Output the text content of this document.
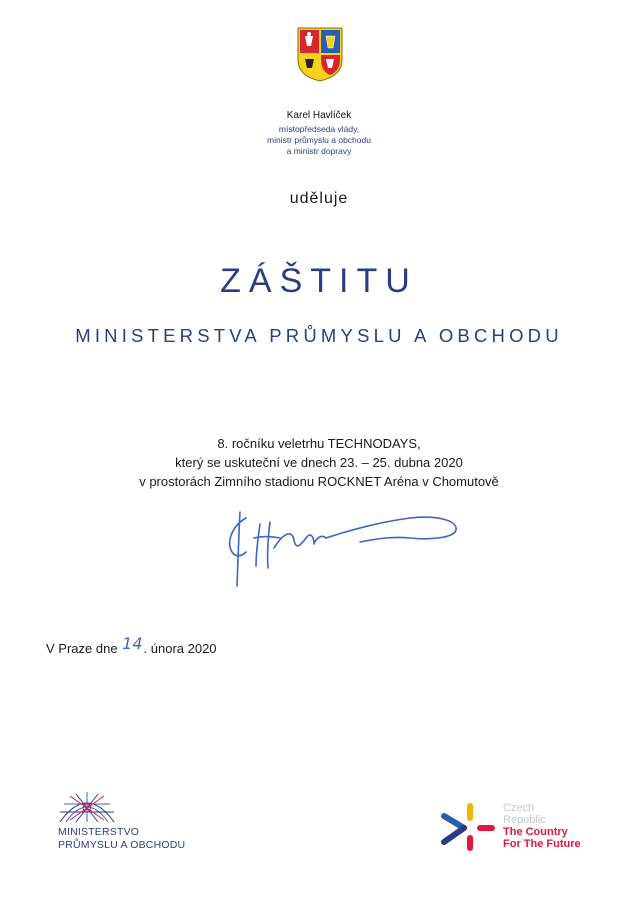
Karel Havlíček
místopředseda vlády,
ministr průmyslu a obchodu
a ministr dopravy
uděluje
ZÁŠTITU
MINISTERSTVA PRŮMYSLU A OBCHODU
8. ročníku veletrhu TECHNODAYS,
který se uskuteční ve dnech 23. – 25. dubna 2020
v prostorách Zimního stadionu ROCKNET Aréna v Chomutově
V Praze dne 14. února 2020
MINISTERSTVO
PRŮMYSLU A OBCHODU
Czech
Republic
The Country
For The Future
